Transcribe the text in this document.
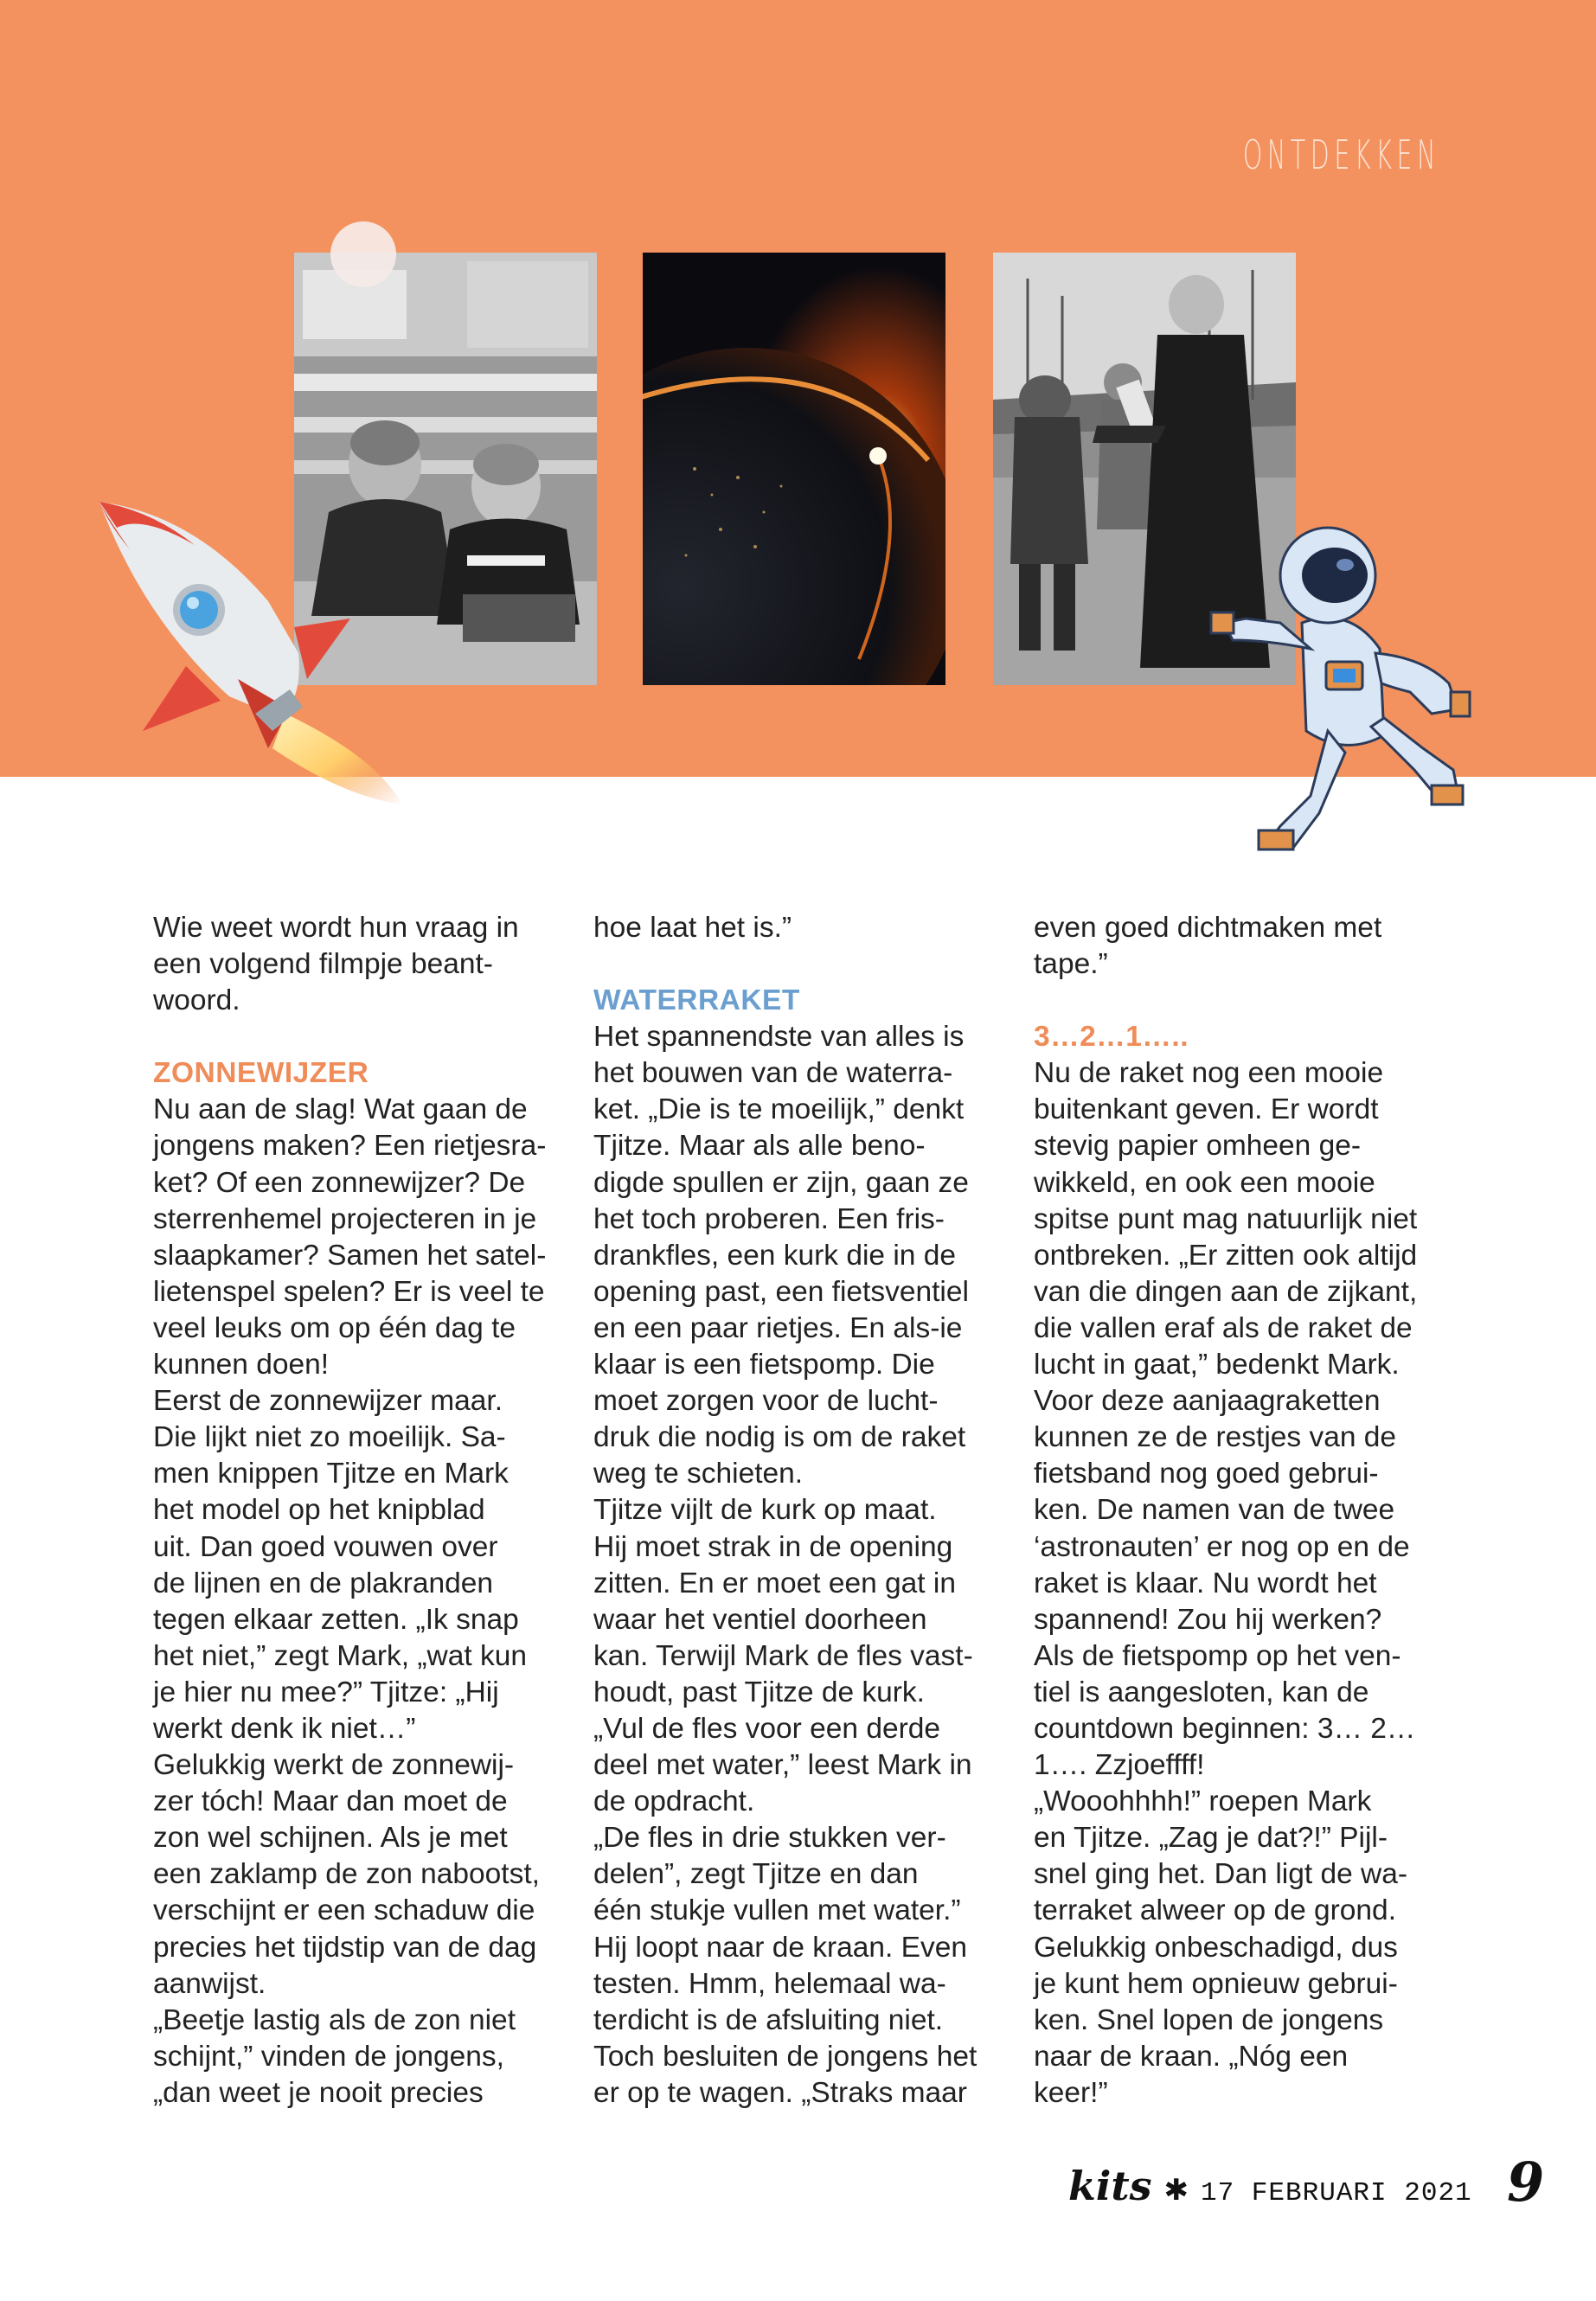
ONTDEKKEN

Wie weet wordt hun vraag in
een volgend filmpje beant-
woord.

ZONNEWIJZER

Nu aan de slag! Wat gaan de
jongens maken? Een rietjesra-
ket? Of een zonnewijzer? De
sterrenhemel projecteren in je
slaapkamer? Samen het satel-
lietenspel spelen? Er is veel te
veel leuks om op één dag te
kunnen doen!
Eerst de zonnewijzer maar.
Die lijkt niet zo moeilijk. Sa-
men knippen Tjitze en Mark
het model op het knipblad
uit. Dan goed vouwen over
de lijnen en de plakranden
tegen elkaar zetten. „Ik snap
het niet,” zegt Mark, „wat kun
je hier nu mee?” Tjitze: „Hij
werkt denk ik niet…”
Gelukkig werkt de zonnewij-
zer tóch! Maar dan moet de
zon wel schijnen. Als je met
een zaklamp de zon nabootst,
verschijnt er een schaduw die
precies het tijdstip van de dag
aanwijst.
„Beetje lastig als de zon niet
schijnt,” vinden de jongens,
„dan weet je nooit precies

hoe laat het is.”

WATERRAKET

Het spannendste van alles is
het bouwen van de waterra-
ket. „Die is te moeilijk,” denkt
Tjitze. Maar als alle beno-
digde spullen er zijn, gaan ze
het toch proberen. Een fris-
drankfles, een kurk die in de
opening past, een fietsventiel
en een paar rietjes. En als-ie
klaar is een fietspomp. Die
moet zorgen voor de lucht-
druk die nodig is om de raket
weg te schieten.
Tjitze vijlt de kurk op maat.
Hij moet strak in de opening
zitten. En er moet een gat in
waar het ventiel doorheen
kan. Terwijl Mark de fles vast-
houdt, past Tjitze de kurk.
„Vul de fles voor een derde
deel met water,” leest Mark in
de opdracht.
„De fles in drie stukken ver-
delen”, zegt Tjitze en dan
één stukje vullen met water.”
Hij loopt naar de kraan. Even
testen. Hmm, helemaal wa-
terdicht is de afsluiting niet.
Toch besluiten de jongens het
er op te wagen. „Straks maar

even goed dichtmaken met
tape.”

3…2…1…..

Nu de raket nog een mooie
buitenkant geven. Er wordt
stevig papier omheen ge-
wikkeld, en ook een mooie
spitse punt mag natuurlijk niet
ontbreken. „Er zitten ook altijd
van die dingen aan de zijkant,
die vallen eraf als de raket de
lucht in gaat,” bedenkt Mark.
Voor deze aanjaagraketten
kunnen ze de restjes van de
fietsband nog goed gebrui-
ken. De namen van de twee
‘astronauten’ er nog op en de
raket is klaar. Nu wordt het
spannend! Zou hij werken?
Als de fietspomp op het ven-
tiel is aangesloten, kan de
countdown beginnen: 3… 2…
1…. Zzjoeffff!
„Wooohhhh!” roepen Mark
en Tjitze. „Zag je dat?!” Pijl-
snel ging het. Dan ligt de wa-
terraket alweer op de grond.
Gelukkig onbeschadigd, dus
je kunt hem opnieuw gebrui-
ken. Snel lopen de jongens
naar de kraan. „Nóg een
keer!”

kits ✱ 17 FEBRUARI 2021 9
